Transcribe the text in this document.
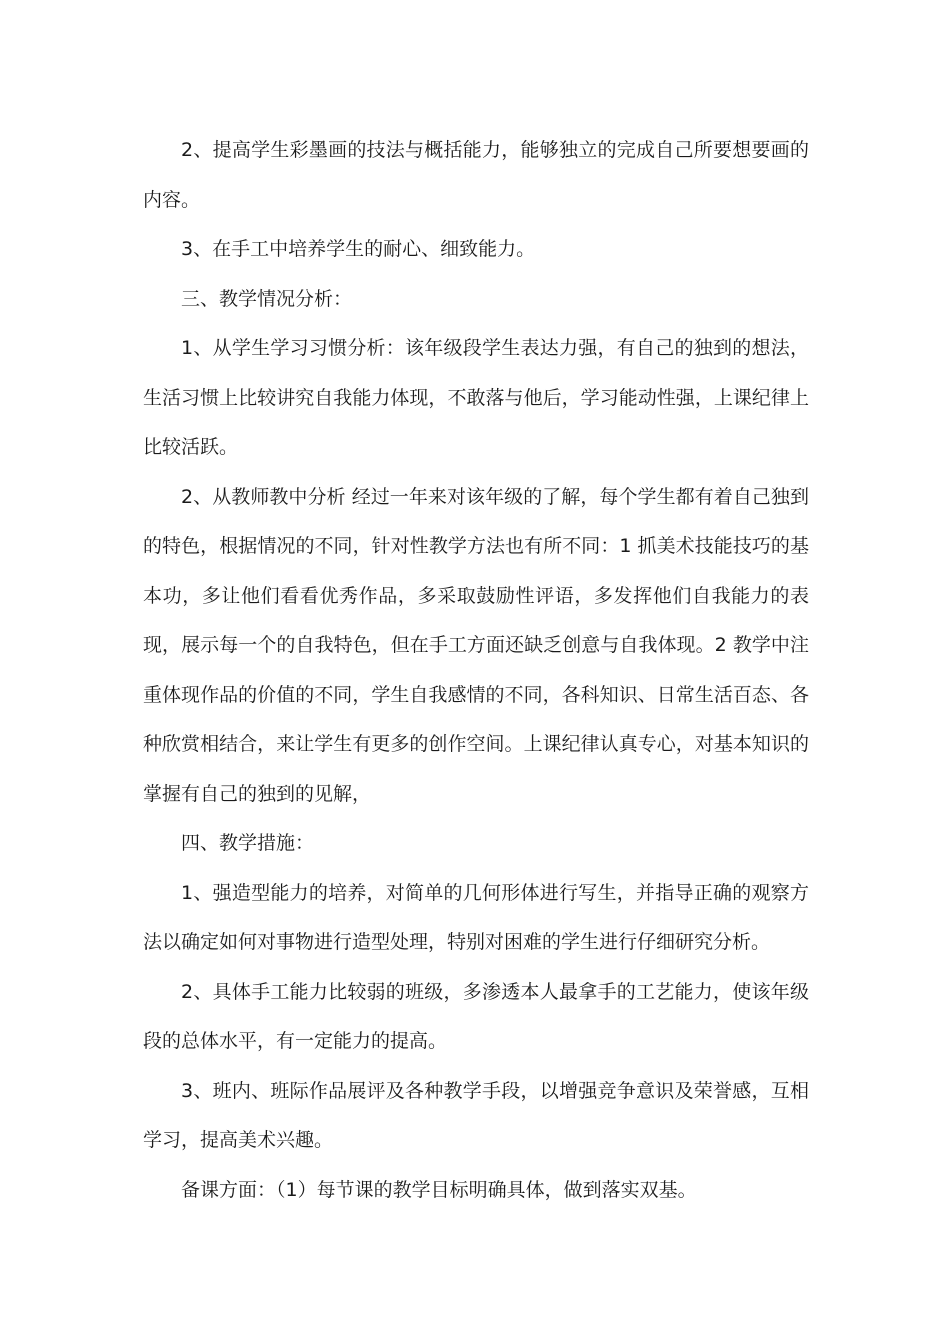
2、提高学生彩墨画的技法与概括能力，能够独立的完成自己所要想要画的内容。

3、在手工中培养学生的耐心、细致能力。

三、教学情况分析：

1、从学生学习习惯分析：该年级段学生表达力强，有自己的独到的想法，生活习惯上比较讲究自我能力体现，不敢落与他后，学习能动性强，上课纪律上比较活跃。

2、从教师教中分析 经过一年来对该年级的了解，每个学生都有着自己独到的特色，根据情况的不同，针对性教学方法也有所不同：1 抓美术技能技巧的基本功，多让他们看看优秀作品，多采取鼓励性评语，多发挥他们自我能力的表现，展示每一个的自我特色，但在手工方面还缺乏创意与自我体现。2 教学中注重体现作品的价值的不同，学生自我感情的不同，各科知识、日常生活百态、各种欣赏相结合，来让学生有更多的创作空间。上课纪律认真专心，对基本知识的掌握有自己的独到的见解，

四、教学措施：

1、强造型能力的培养，对简单的几何形体进行写生，并指导正确的观察方法以确定如何对事物进行造型处理，特别对困难的学生进行仔细研究分析。

2、具体手工能力比较弱的班级，多渗透本人最拿手的工艺能力，使该年级段的总体水平，有一定能力的提高。

3、班内、班际作品展评及各种教学手段，以增强竞争意识及荣誉感，互相学习，提高美术兴趣。

备课方面：（1）每节课的教学目标明确具体，做到落实双基。
